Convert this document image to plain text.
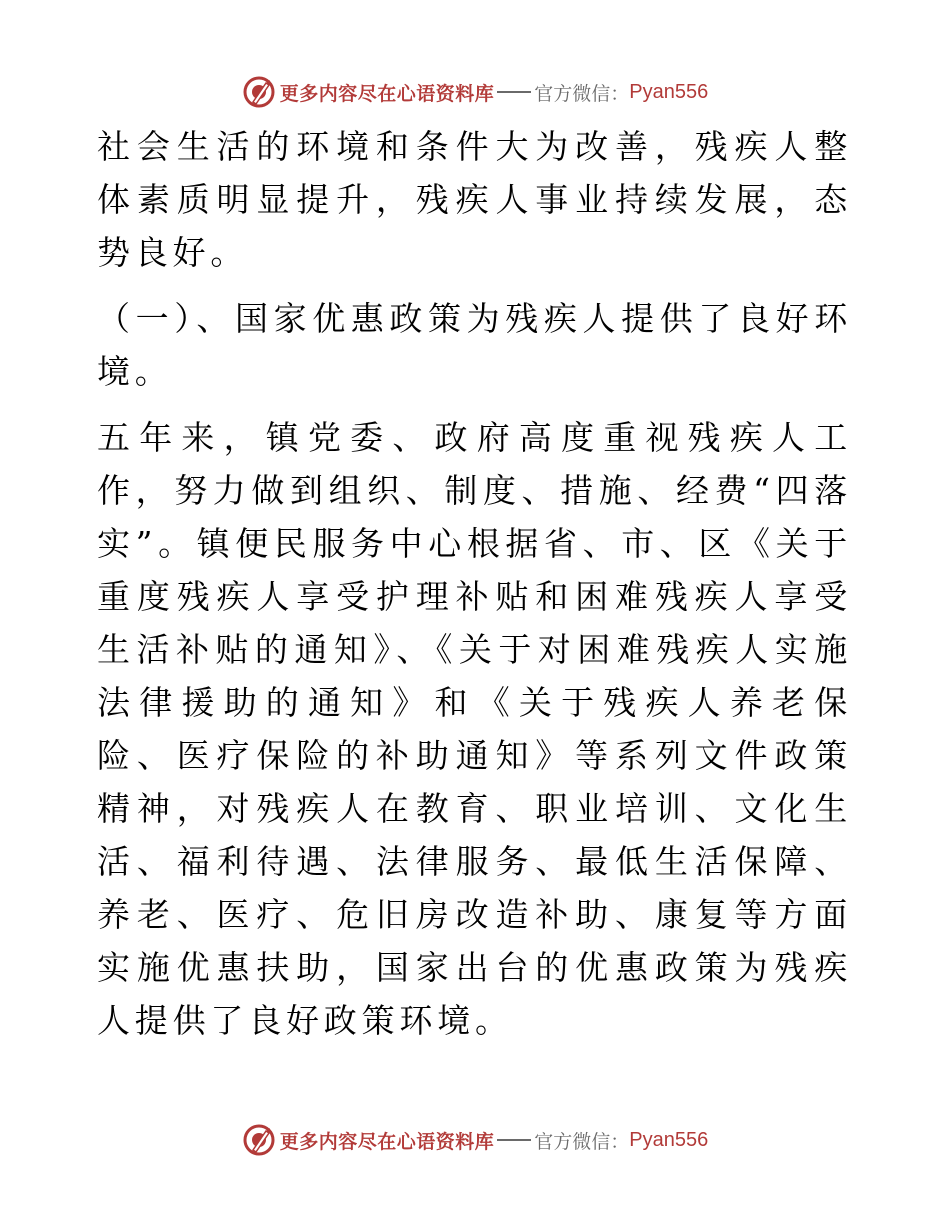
更多内容尽在心语资料库 官方微信： Pyan556

社会生活的环境和条件大为改善，残疾人整体素质明显提升，残疾人事业持续发展，态势良好。

（一）、国家优惠政策为残疾人提供了良好环境。

五年来，镇党委、政府高度重视残疾人工作，努力做到组织、制度、措施、经费“四落实”。镇便民服务中心根据省、市、区《关于重度残疾人享受护理补贴和困难残疾人享受生活补贴的通知》、《关于对困难残疾人实施法律援助的通知》和《关于残疾人养老保险、医疗保险的补助通知》等系列文件政策精神，对残疾人在教育、职业培训、文化生活、福利待遇、法律服务、最低生活保障、养老、医疗、危旧房改造补助、康复等方面实施优惠扶助，国家出台的优惠政策为残疾人提供了良好政策环境。

更多内容尽在心语资料库 官方微信： Pyan556
